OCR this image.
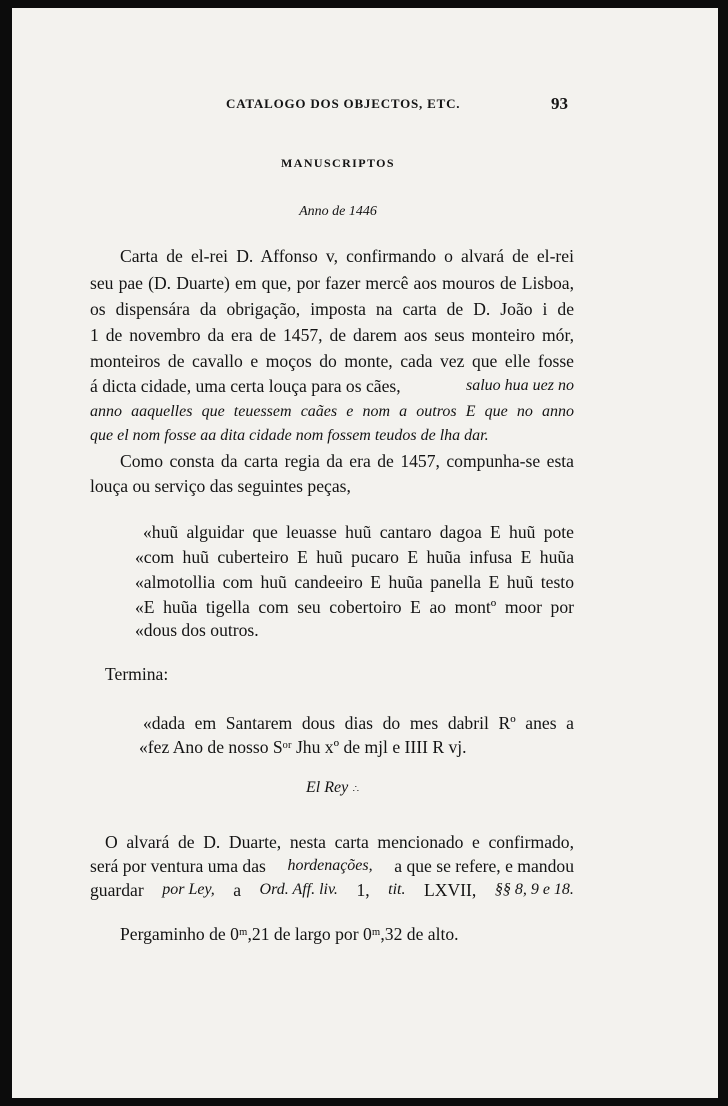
CATALOGO DOS OBJECTOS, ETC.	93
MANUSCRIPTOS
Anno de 1446
Carta de el-rei D. Affonso v, confirmando o alvará de el-rei
seu pae (D. Duarte) em que, por fazer mercê aos mouros de Lisboa,
os dispensára da obrigação, imposta na carta de D. João i de
1 de novembro da era de 1457, de darem aos seus monteiro mór,
monteiros de cavallo e moços do monte, cada vez que elle fosse
á dicta cidade, uma certa louça para os cães,	saluo hua uez no
anno aaquelles que teuessem caães e nom a outros E que no anno
que el nom fosse aa dita cidade nom fossem teudos de lha dar.
Como consta da carta regia da era de 1457, compunha-se esta
louça ou serviço das seguintes peças,
«huũ alguidar que leuasse huũ cantaro dagoa E huũ pote
«com huũ cuberteiro E huũ pucaro E huũa infusa E huũa
«almotollia com huũ candeeiro E huũa panella E huũ testo
«E huũa tigella com seu cobertoiro E ao montº moor por
«dous dos outros.
Termina:
«dada em Santarem dous dias do mes dabril Rº anes a
«fez Ano de nosso Sᵒʳ Jhu xº de mjl e IIII R vj.
El Rey ∴
O alvará de D. Duarte, nesta carta mencionado e confirmado,
será por ventura uma das hordenações, a que se refere, e mandou
guardar por Ley, a Ord. Aff. liv. 1, tit. LXVII, §§ 8, 9 e 18.
Pergaminho de 0ᵐ,21 de largo por 0ᵐ,32 de alto.
